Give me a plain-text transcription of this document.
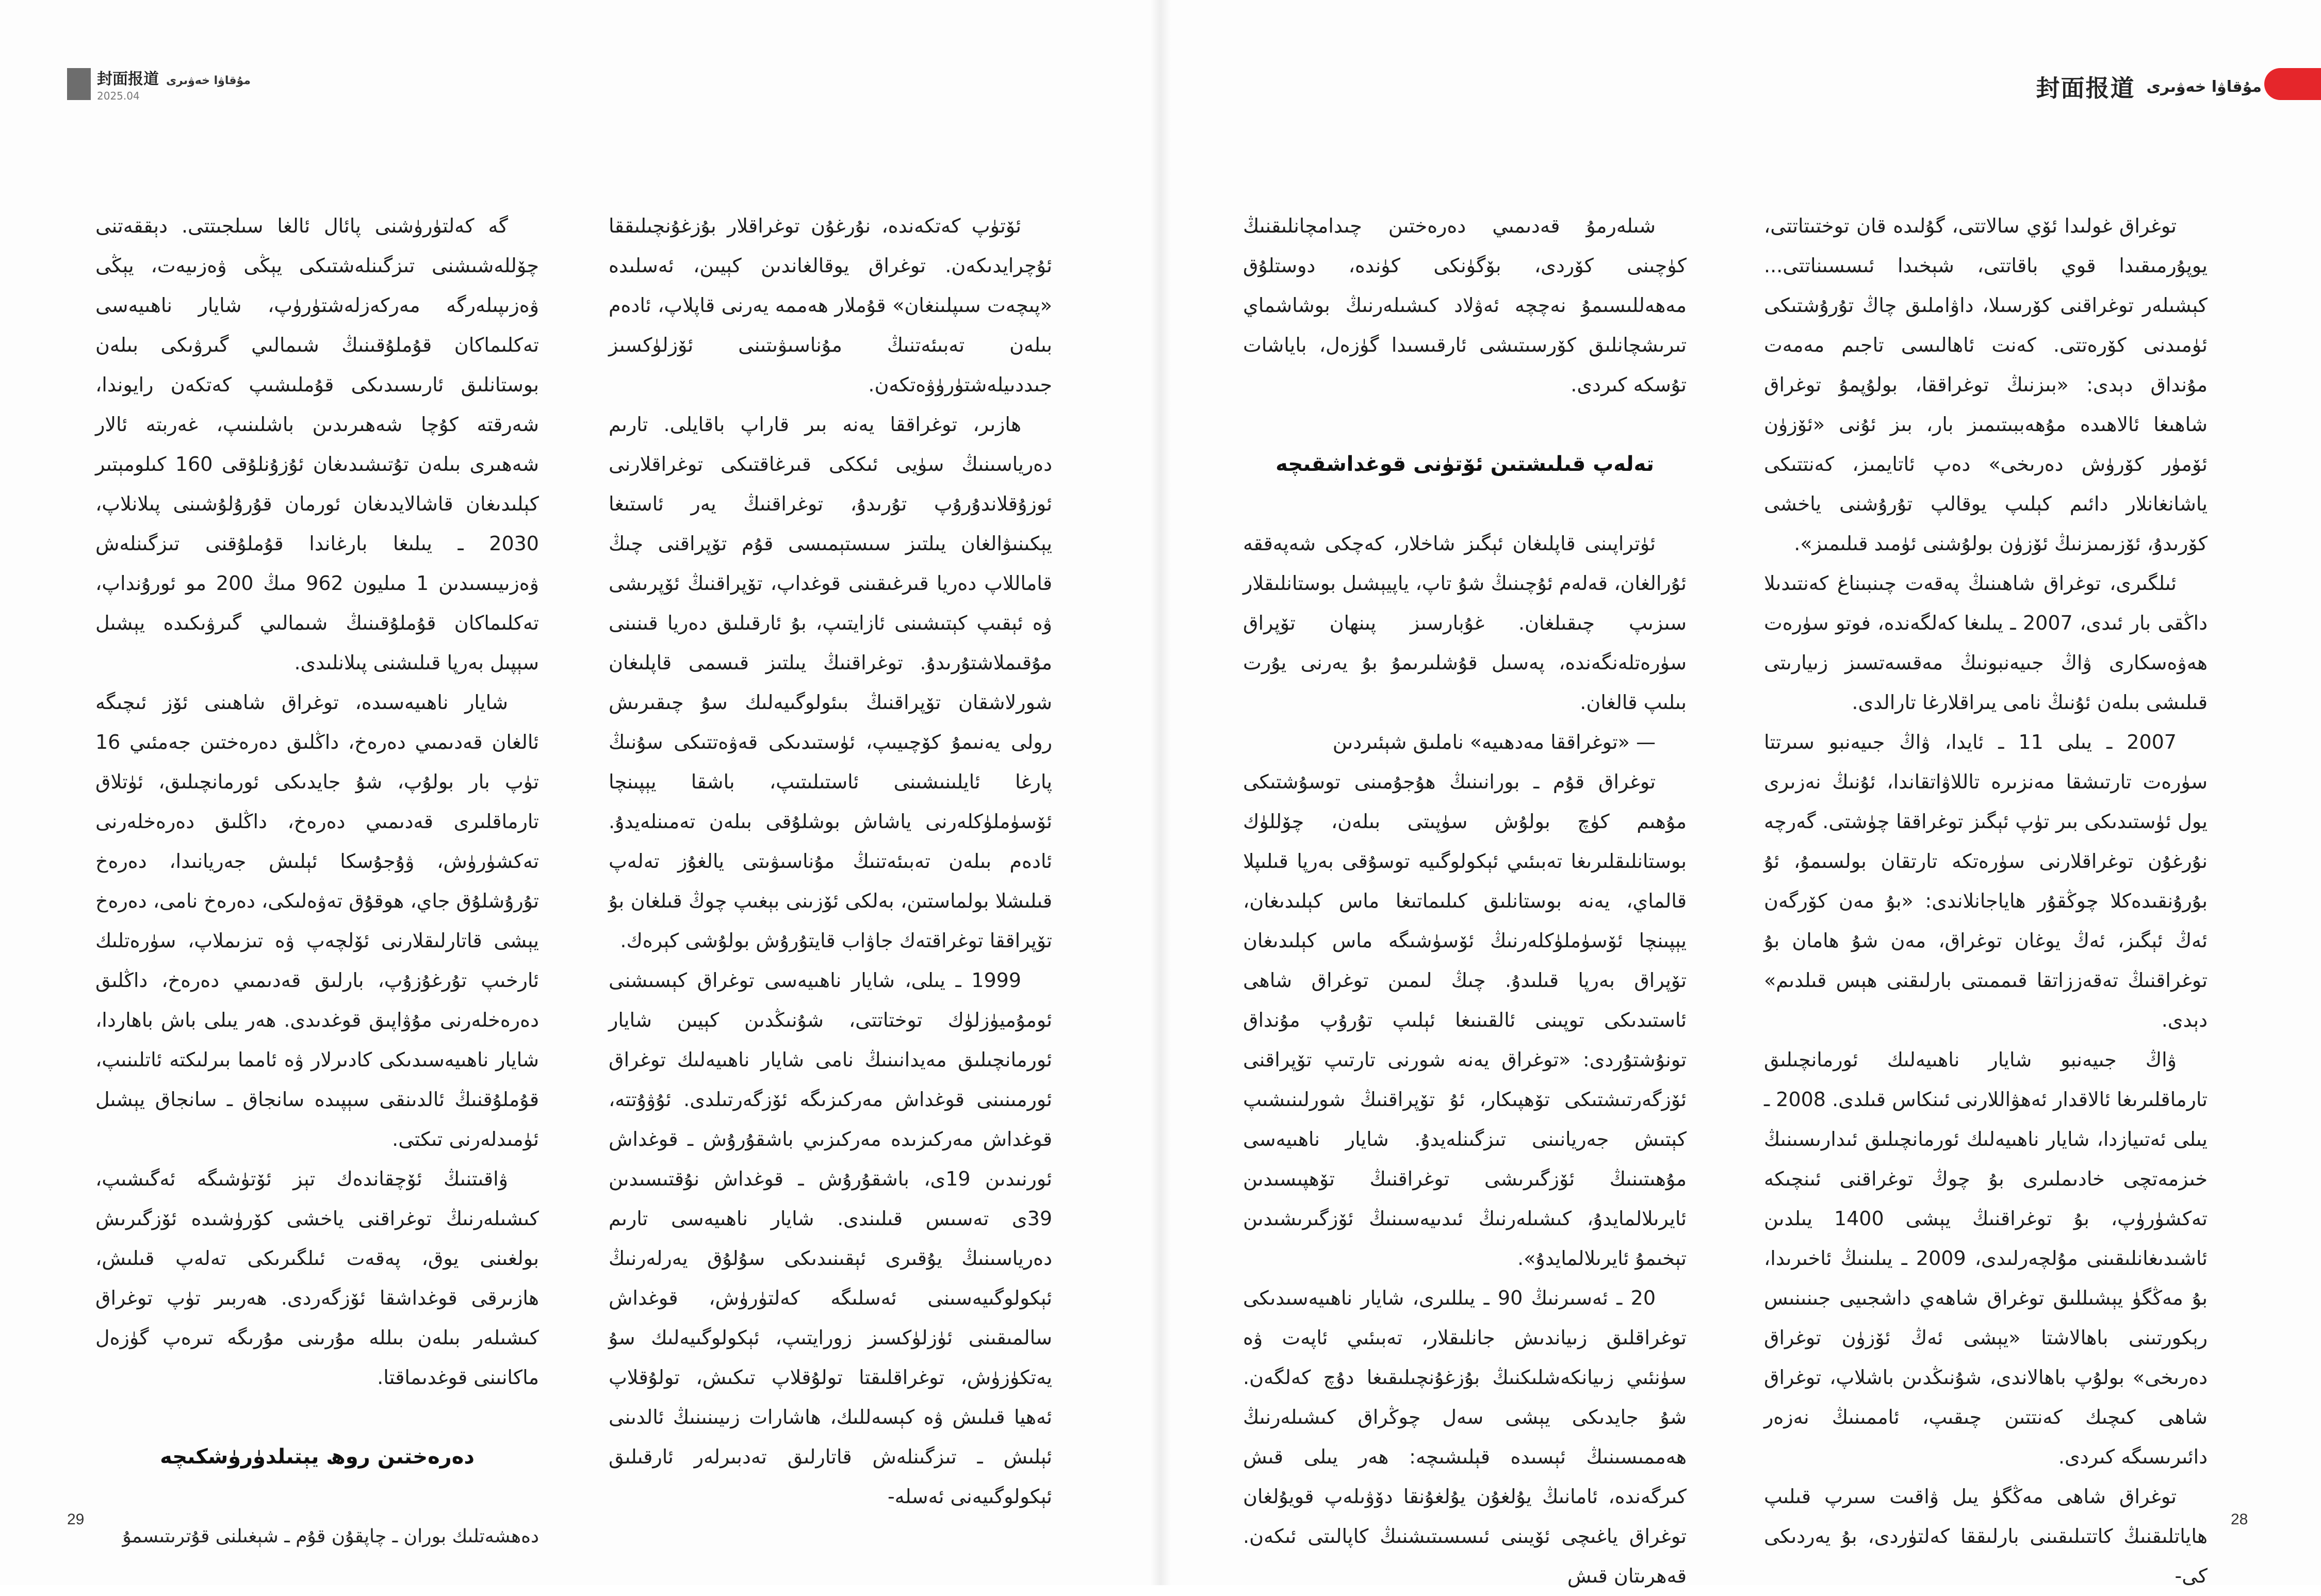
封面报道 مۇقاۋا خەۋىرى
2025.04	封面报道 مۇقاۋا خەۋىرى

توغراق غولىدا ئۆي سالاتتى، گۇلىدە قان توختىتاتتى، يوپۇرمىقىدا قوي باقاتتى، شېخىدا ئىسسىناتتى... كېشىلەر توغراقنى كۆرسىلا، داۋاملىق چاڭ تۇرۇشتىكى ئۈمىدنى كۆرەتتى. كەنت ئاھالىسى تاجىم مەمەت مۇنداق دېدى: «بىزنىڭ توغراققا، بولۇپمۇ توغراق شاھىغا ئالاھىدە مۇھەببىتىمىز بار، بىز ئۇنى «ئۆزۈن ئۆمۈر كۆرۈش دەرىخى» دەپ ئاتايمىز، كەنتتىكى ياشانغانلار دائىم كېلىپ يوقالپ تۇرۇشنى ياخشى كۆرىدۇ، ئۆزىمىزنىڭ ئۆزۈن بولۇشنى ئۈمىد قىلىمىز».

ئىلگىرى، توغراق شاھىنىڭ پەقەت چىنبىناغ كەنتىدىلا داڭقى بار ئىدى، 2007 ـ يىلىغا كەلگەندە، فوتو سۈرەت ھەۋەسكارى ۋاڭ جىيەنبونىڭ مەقسەتسىز زىيارىتى قىلىشى بىلەن ئۇنىڭ نامى يىراقلارغا تارالدى.

2007 ـ يىلى 11 ـ ئايدا، ۋاڭ جىيەنبو سىرتتا سۈرەت تارتىشقا مەنزىرە تاللاۋاتقاندا، ئۇنىڭ نەزىرى يول ئۈستىدىكى بىر تۈپ ئېگىز توغراققا چۈشتى. گەرچە نۇرغۇن توغراقلارنى سۈرەتكە تارتقان بولسىمۇ، ئۇ بۇرۇنقىدەكلا چوڭقۇر ھاياجانلاندى: «بۇ مەن كۆرگەن ئەڭ ئېگىز، ئەڭ يوغان توغراق، مەن شۇ ھامان بۇ توغراقنىڭ تەقەززاتقا قىممىتى بارلىقنى ھېس قىلدىم» دېدى.

ۋاڭ جىيەنبو شايار ناھىيەلىك ئورمانچىلىق تارماقلىرىغا ئالاقدار ئەھۋاللارنى ئىنكاس قىلدى. 2008 ـ يىلى ئەتىيازدا، شايار ناھىيەلىك ئورمانچىلىق ئىدارىسىنىڭ خىزمەتچى خادىملىرى بۇ چوڭ توغراقنى ئىنچىكە تەكشۈرۈپ، بۇ توغراقنىڭ يېشى 1400 يىلدىن ئاشىدىغانلىقىنى مۇلچەرلىدى، 2009 ـ يىلىنىڭ ئاخىرىدا، بۇ مەڭگۈ يېشىللىق توغراق شاھەي داشجىيى جىنىنىس رېكورتىنى باھالاشتا «يېشى ئەڭ ئۆزۈن توغراق دەرىخى» بولۇپ باھالاندى، شۇنىڭدىن باشلاپ، توغراق شاھى كىچىك كەنتتىن چىقىپ، ئاممىنىڭ نەزەر دائىرىسىگە كىردى.

توغراق شاھى مەڭگۈ يىل ۋاقىت سىرپ قىلىپ ھاياتلىقنىڭ كاتتىلىقىنى بارلىققا كەلتۈردى، بۇ يەردىكى كى-

شىلەرمۇ قەدىمىي دەرەختىن چىدامچانلىقنىڭ كۈچىنى كۆردى، بۆگۈنكى كۈندە، دوستلۇق مەھەللىسىمۇ نەچچە ئەۋلاد كىشىلەرنىڭ بوشاشماي تىرىشچانلىق كۆرسىتىشى ئارقىسىدا گۈزەل، باياشات تۇسكە كىردى.

تەلەپ قىلىشتىن ئۆتۈنى قوغداشقىچە

ئۈتراپىنى قاپلىغان ئېگىز شاخلار، كەچكى شەپەققە ئۇرالغان، قەلەم ئۇچىنىڭ شۇ تاپ، ياپيېشىل بوستانلىقلار سىزىپ چىقىلغان. غۇبارسىز پىنھان تۆپراق سۈرەتلەنگەندە، پەسىل قۇشلىرىمۇ بۇ يەرنى يۇرت بىلىپ قالغان.

— «توغراققا مەدھىيە» ناملىق شېئىردىن

توغراق قۇم ـ بورانىنىڭ ھۇجۇمىنى توسۇشتىكى مۇھىم كۈچ بولۇش سۈپىتى بىلەن، چۆللۈك بوستانلىقلىرىغا تەبىئىي ئېكولوگىيە توسۇقى بەرپا قىلىپلا قالماي، يەنە بوستانلىق كىلىماتىغا ماس كېلىدىغان، يېپىنچا ئۆسۈملۈكلەرنىڭ ئۆسۈشىگە ماس كېلىدىغان تۆپراق بەرپا قىلىدۇ. چىڭ لىمىن توغراق شاھى ئاستىدىكى توپىنى ئالقىنىغا ئېلىپ تۇرۇپ مۇنداق تونۇشتۇردى: «توغراق يەنە شورنى تارتىپ تۆپراقنى ئۆزگەرتىشتىكى تۆھپىكار، ئۇ تۆپراقنىڭ شورلىنىشىپ كېتىش جەريانىنى تىزگىنلەيدۇ. شايار ناھىيەسى مۇھىتىنىڭ ئۆزگىرىشى توغراقنىڭ تۆھپىسىدىن ئايرىلالمايدۇ، كىشىلەرنىڭ ئىدىيەسىنىڭ ئۆزگىرىشىدىن تېخىمۇ ئايرىلالمايدۇ».

20 ـ ئەسىرنىڭ 90 ـ يىللىرى، شايار ناھىيەسىدىكى توغراقلىق زىياندىش جانلىقلار، تەبىئىي ئاپەت ۋە سۈنئىي زىيانكەشلىكنىڭ بۇزغۇنچىلىقىغا دۇچ كەلگەن. شۇ جايدىكى يېشى سەل چوڭراق كىشىلەرنىڭ ھەممىسىنىڭ ئېسىدە قېلىشىچە: ھەر يىلى قىش كىرگەندە، ئامانىڭ يۇلغۇن يۇلغۇنقا دۆۋىلەپ قويۇلغان توغراق ياغىچى ئۆيىنى ئىسسىتىشنىڭ كاپالىتى ئىكەن. قەھرىتان قىش

ئۆتۈپ كەتكەندە، نۇرغۇن توغراقلار بۇزغۇنچىلىققا ئۇچرايدىكەن. توغراق يوقالغاندىن كېيىن، ئەسلىدە «پىچەت سىپلىنغان» قۇملار ھەممە يەرنى قاپلاپ، ئادەم بىلەن تەبىئەتنىڭ مۇناسىۋىتىنى ئۆزلۈكسىز جىددىيلەشتۈرۈۋەتكەن.

ھازىر، توغراققا يەنە بىر قاراپ باقايلى. تارىم دەرياسىنىڭ سۈيى ئىككى قىرغاقتىكى توغراقلارنى ئوزۇقلاندۇرۇپ تۇرىدۇ، توغراقنىڭ يەر ئاستىغا يېكىنىۋالغان يىلتىز سىستېمىسى قۇم تۆپراقنى چىڭ قاماللاپ دەريا قىرغىقىنى قوغداپ، تۆپراقنىڭ ئۆپرىشى ۋە ئېقىپ كېتىشىنى ئازايتىپ، بۇ ئارقىلىق دەريا قىنىنى مۇقىملاشتۇرىدۇ. توغراقنىڭ يىلتىز قىسمى قاپلىغان شورلاشقان تۆپراقنىڭ بىئولوگىيەلىك سۇ چىقىرىش رولى يەنىمۇ كۆچىيىپ، ئۈستىدىكى قەۋەتتىكى سۇنىڭ پارغا ئايلىنىشىنى ئاستىلىتىپ، باشقا يېپىنچا ئۆسۈملۈكلەرنى ياشاش بوشلۇقى بىلەن تەمىنلەيدۇ. ئادەم بىلەن تەبىئەتنىڭ مۇناسىۋىتى يالغۇز تەلەپ قىلىشلا بولماستىن، بەلكى ئۆزىنى بېغىپ چوڭ قىلغان بۇ تۆپراققا توغراقتەك جاۋاب قايتۇرۇش بولۇشى كېرەك.

1999 ـ يىلى، شايار ناھىيەسى توغراق كېسىشنى ئومۇميۈزلۈك توختاتتى، شۇنىڭدىن كېيىن شايار ئورمانچىلىق مەيدانىنىڭ نامى شايار ناھىيەلىك توغراق ئورمىنىنى قوغداش مەركىزىگە ئۆزگەرتىلدى. ئۇۋۇتتە، قوغداش مەركىزىدە مەركىزىي باشقۇرۇش ـ قوغداش ئورنىدىن 19ى، باشقۇرۇش ـ قوغداش نۇقتىسىدىن 39ى تەسىس قىلىندى. شايار ناھىيەسى تارىم دەرياسىنىڭ يۇقىرى ئېقىنىدىكى سۇلۇق يەرلەرنىڭ ئېكولوگىيەسىنى ئەسلىگە كەلتۈرۈش، قوغداش سالمىقىنى ئۈزلۈكسىز زورايتىپ، ئېكولوگىيەلىك سۇ يەتكۈزۈش، توغراقلىقتا تولۇقلاپ تىكىش، تولۇقلاپ ئەھيا قىلىش ۋە كېسەللىك، ھاشارات زىيىنىنىڭ ئالدىنى ئېلىش ـ تىزگىنلەش قاتارلىق تەدبىرلەر ئارقىلىق ئېكولوگىيەنى ئەسلە-

گە كەلتۈرۈشنى پائال ئالغا سىلجىتتى. دېققەتنى چۆللەشىشنى تىزگىنلەشتىكى يېڭى ۋەزىيەت، يېڭى ۋەزىپىلەرگە مەركەزلەشتۈرۈپ، شايار ناھىيەسى تەكلىماكان قۇملۇقىنىڭ شىمالىي گىرۋىكى بىلەن بوستانلىق ئارىسىدىكى قۇملىشىپ كەتكەن رايوندا، شەرقتە كۇچا شەھىرىدىن باشلىنىپ، غەربتە ئالار شەھىرى بىلەن تۇتىشىدىغان ئۇزۇنلۇقى 160 كىلومېتىر كېلىدىغان قاشالايدىغان ئورمان قۇرۇلۇشىنى پىلانلاپ، 2030 ـ يىلىغا بارغاندا قۇملۇقنى تىزگىنلەش ۋەزىيىسىدىن 1 مىليون 962 مىڭ 200 مو ئورۇنداپ، تەكلىماكان قۇملۇقىنىڭ شىمالىي گىرۋىكىدە يېشىل سېپىل بەرپا قىلىشنى پىلانلىدى.

شايار ناھىيەسىدە، توغراق شاھىنى ئۆز ئىچىگە ئالغان قەدىمىي دەرەخ، داڭلىق دەرەختىن جەمئىي 16 تۈپ بار بولۇپ، شۇ جايدىكى ئورمانچىلىق، ئۈتلاق تارماقلىرى قەدىمىي دەرەخ، داڭلىق دەرەخلەرنى تەكشۈرۈش، ۋۇجۇسكا ئېلىش جەريانىدا، دەرەخ تۇرۇشلۇق جاي، ھوقۇق تەۋەلىكى، دەرەخ نامى، دەرەخ يېشى قاتارلىقلارنى ئۆلچەپ ۋە تىزىملاپ، سۈرەتلىك ئارخىپ تۇرغۇزۇپ، بارلىق قەدىمىي دەرەخ، داڭلىق دەرەخلەرنى مۇۋاپىق قوغدىدى. ھەر يىلى باش باھاردا، شايار ناھىيەسىدىكى كادىرلار ۋە ئامما بىرلىكتە ئاتلىنىپ، قۇملۇقنىڭ ئالدىنقى سېپىدە سانجاق ـ سانجاق يېشىل ئۈمىدلەرنى تىكتى.

ۋاقىتنىڭ ئۆچقاندەك تېز ئۆتۈشىگە ئەگىشىپ، كىشىلەرنىڭ توغراقنى ياخشى كۆرۈشىدە ئۆزگىرىش بولغىنى يوق، پەقەت ئىلگىرىكى تەلەپ قىلىش، ھازىرقى قوغداشقا ئۆزگەردى. ھەربىر تۈپ توغراق كىشىلەر بىلەن بىللە مۇرىنى مۇرىگە تىرەپ گۈزەل ماكانىنى قوغدىماقتا.

دەرەختىن روھ يېتىلدۈرۈشكىچە
دەھشەتلىك بوران ـ چاپقۇن قۇم ـ شېغىلنى قۇترىتىسمۇ
29	28
